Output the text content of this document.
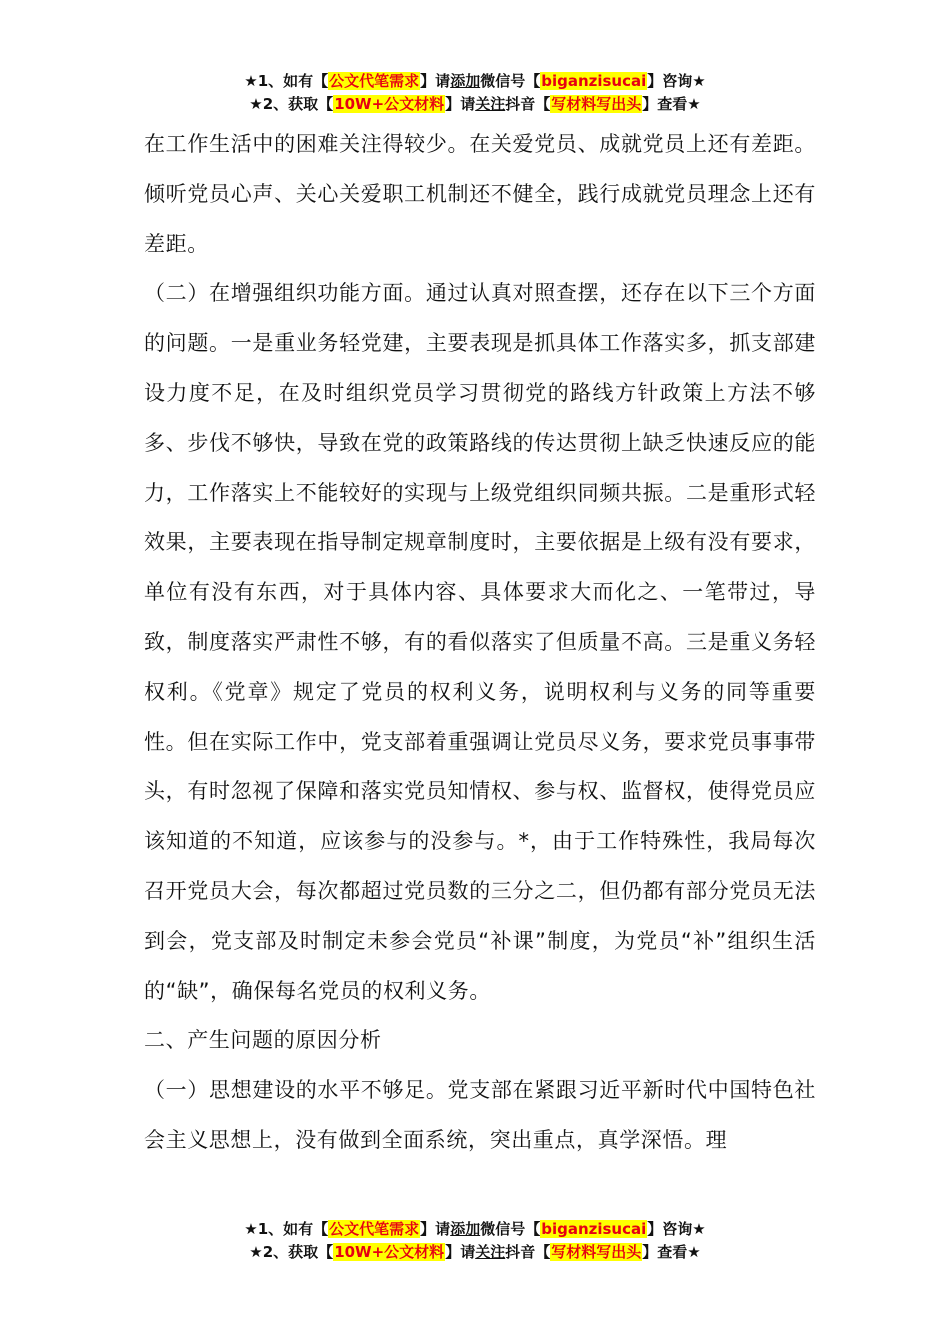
★1、如有【公文代笔需求】请添加微信号【biganzisucai】咨询★
★2、获取【10W+公文材料】请关注抖音【写材料写出头】查看★

在工作生活中的困难关注得较少。在关爱党员、成就党员上还有差距。倾听党员心声、关心关爱职工机制还不健全，践行成就党员理念上还有差距。

（二）在增强组织功能方面。通过认真对照查摆，还存在以下三个方面的问题。一是重业务轻党建，主要表现是抓具体工作落实多，抓支部建设力度不足，在及时组织党员学习贯彻党的路线方针政策上方法不够多、步伐不够快，导致在党的政策路线的传达贯彻上缺乏快速反应的能力，工作落实上不能较好的实现与上级党组织同频共振。二是重形式轻效果，主要表现在指导制定规章制度时，主要依据是上级有没有要求，单位有没有东西，对于具体内容、具体要求大而化之、一笔带过，导致，制度落实严肃性不够，有的看似落实了但质量不高。三是重义务轻权利。《党章》规定了党员的权利义务，说明权利与义务的同等重要性。但在实际工作中，党支部着重强调让党员尽义务，要求党员事事带头，有时忽视了保障和落实党员知情权、参与权、监督权，使得党员应该知道的不知道，应该参与的没参与。*，由于工作特殊性，我局每次召开党员大会，每次都超过党员数的三分之二，但仍都有部分党员无法到会，党支部及时制定未参会党员“补课”制度，为党员“补”组织生活的“缺”，确保每名党员的权利义务。

二、产生问题的原因分析

（一）思想建设的水平不够足。党支部在紧跟习近平新时代中国特色社会主义思想上，没有做到全面系统，突出重点，真学深悟。理

★1、如有【公文代笔需求】请添加微信号【biganzisucai】咨询★
★2、获取【10W+公文材料】请关注抖音【写材料写出头】查看★
